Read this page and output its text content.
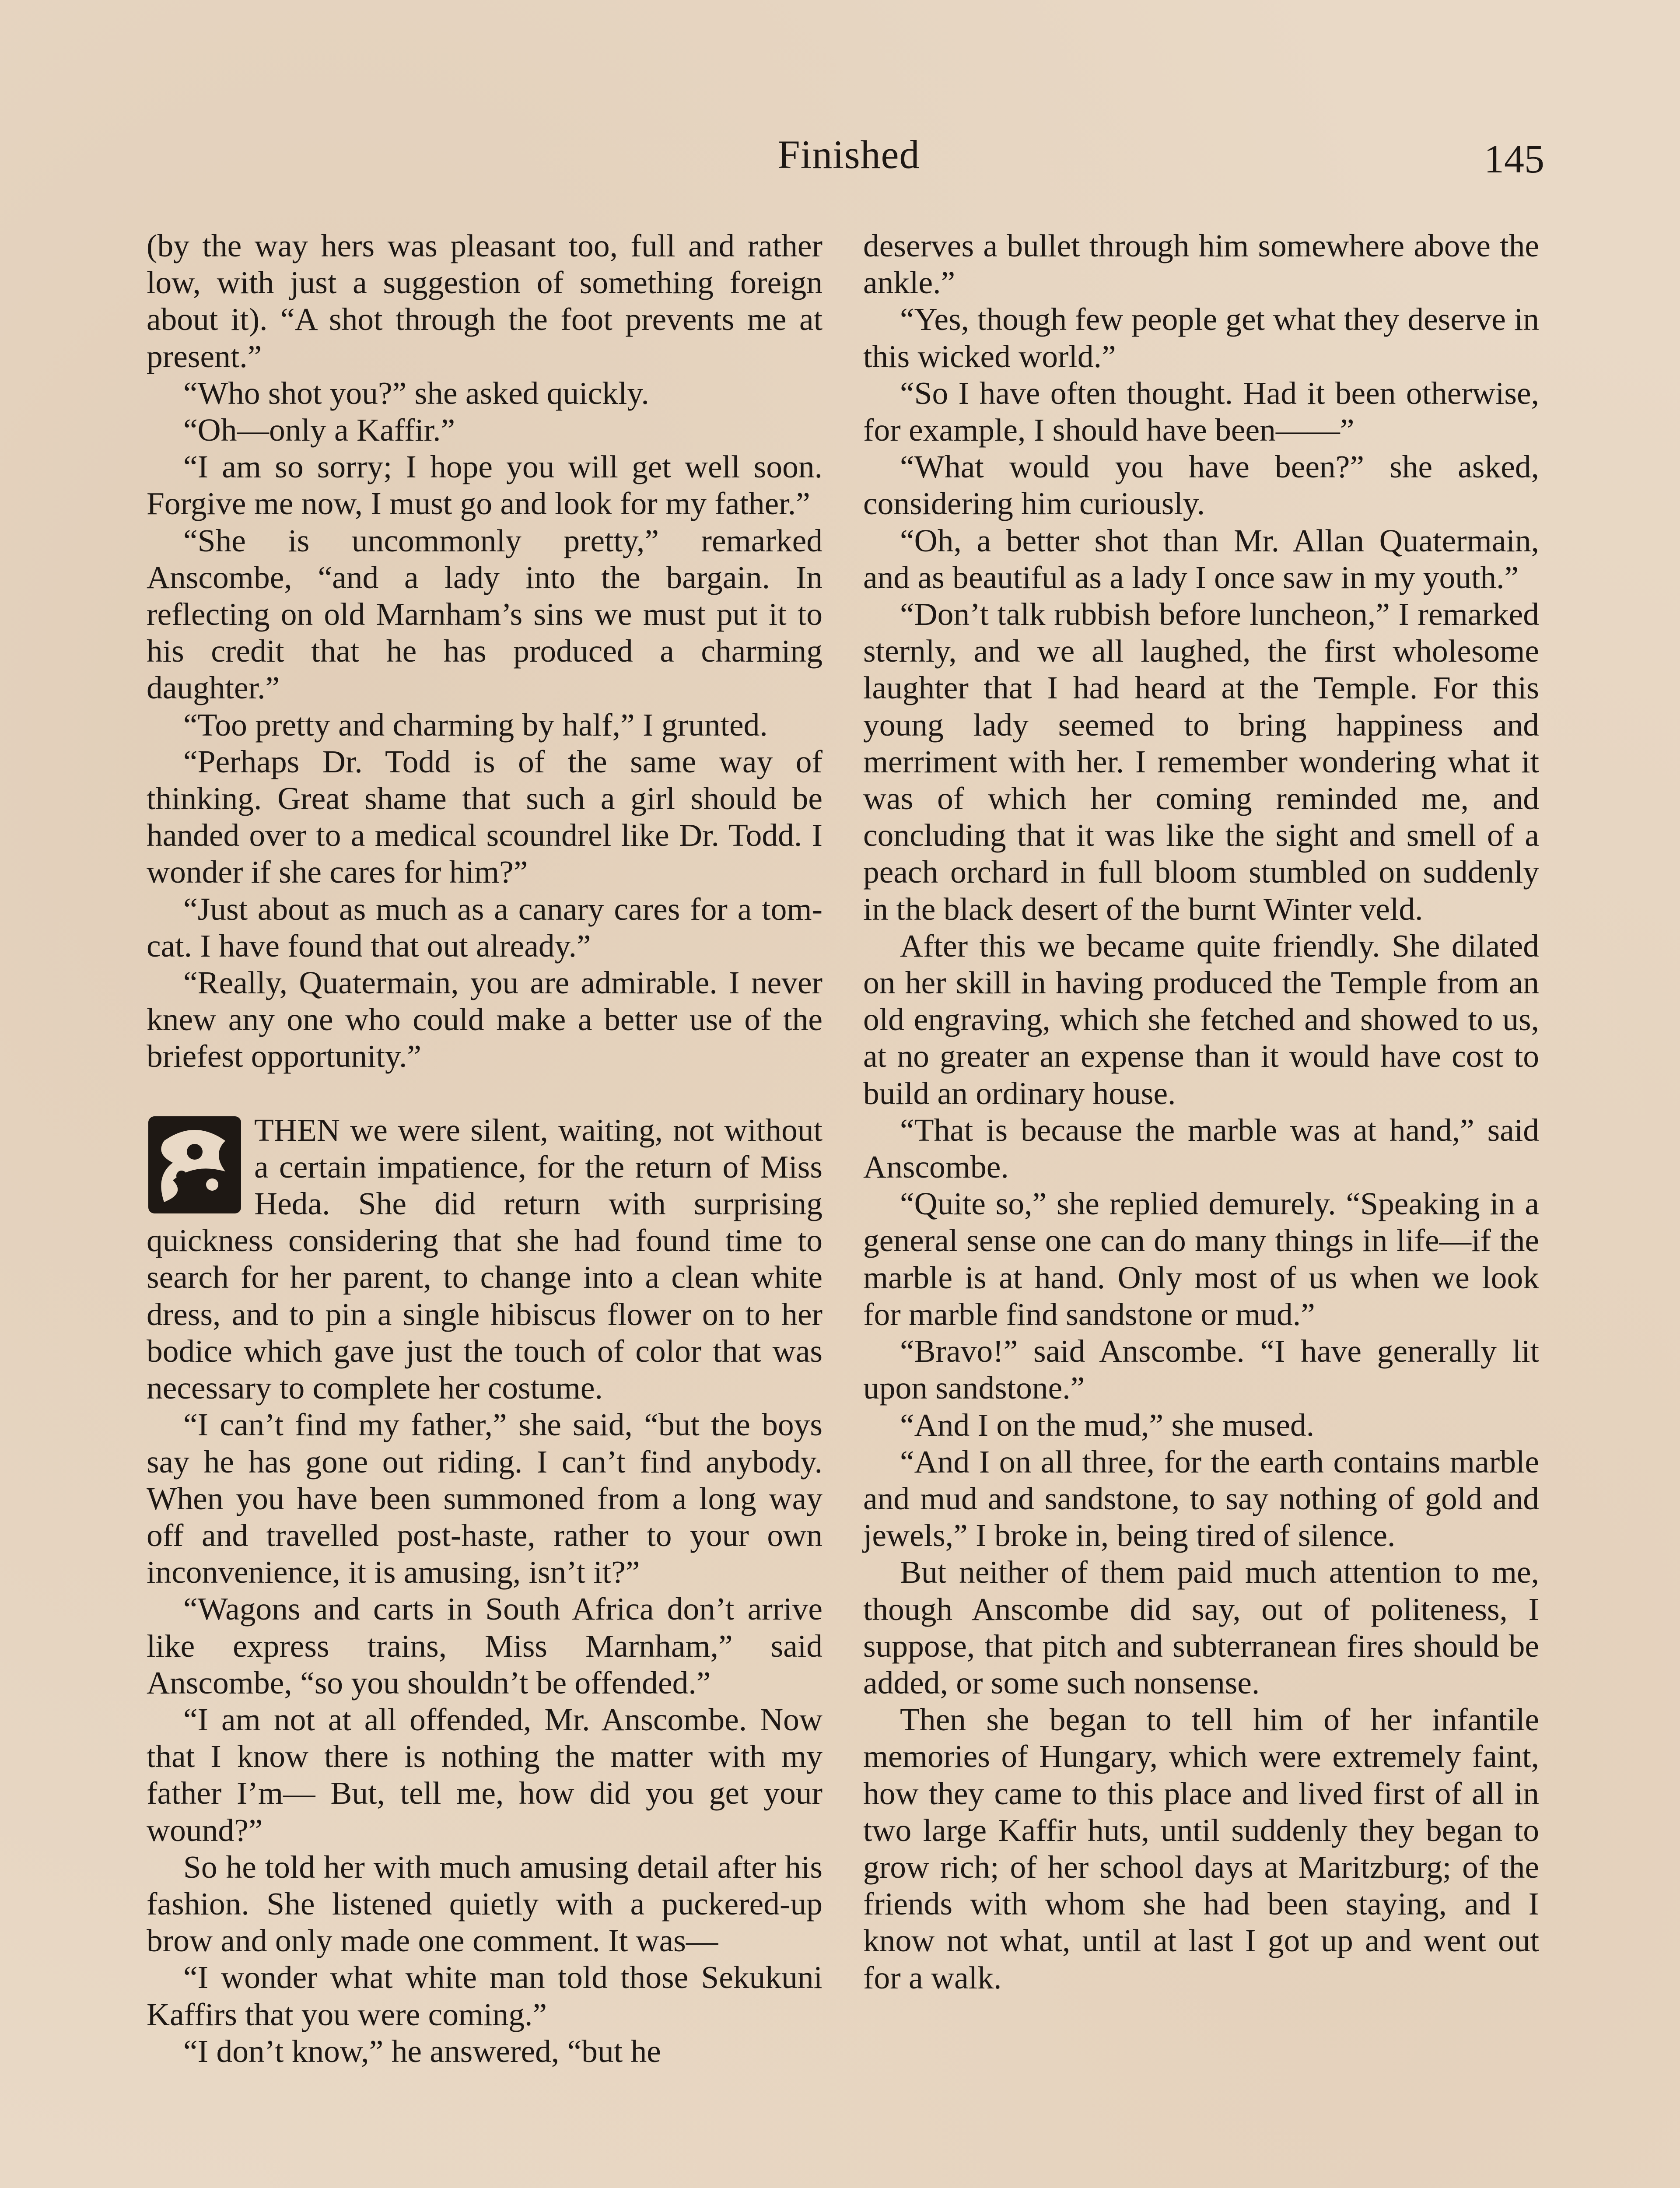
Finished	145

(by the way hers was pleasant too, full and rather low, with just a suggestion of something foreign about it). “A shot through the foot prevents me at present.”

“Who shot you?” she asked quickly.

“Oh—only a Kaffir.”

“I am so sorry; I hope you will get well soon. Forgive me now, I must go and look for my father.”

“She is uncommonly pretty,” remarked Anscombe, “and a lady into the bargain. In reflecting on old Marnham’s sins we must put it to his credit that he has produced a charming daughter.”

“Too pretty and charming by half,” I grunted.

“Perhaps Dr. Todd is of the same way of thinking. Great shame that such a girl should be handed over to a medical scoundrel like Dr. Todd. I wonder if she cares for him?”

“Just about as much as a canary cares for a tom-cat. I have found that out already.”

“Really, Quatermain, you are admirable. I never knew any one who could make a better use of the briefest opportunity.”

THEN we were silent, waiting, not without a certain impatience, for the return of Miss Heda. She did return with surprising quickness considering that she had found time to search for her parent, to change into a clean white dress, and to pin a single hibiscus flower on to her bodice which gave just the touch of color that was necessary to complete her costume.

“I can’t find my father,” she said, “but the boys say he has gone out riding. I can’t find anybody. When you have been summoned from a long way off and travelled post-haste, rather to your own inconvenience, it is amusing, isn’t it?”

“Wagons and carts in South Africa don’t arrive like express trains, Miss Marnham,” said Anscombe, “so you shouldn’t be offended.”

“I am not at all offended, Mr. Anscombe. Now that I know there is nothing the matter with my father I’m— But, tell me, how did you get your wound?”

So he told her with much amusing detail after his fashion. She listened quietly with a puckered-up brow and only made one comment. It was—

“I wonder what white man told those Sekukuni Kaffirs that you were coming.”

“I don’t know,” he answered, “but he

deserves a bullet through him somewhere above the ankle.”

“Yes, though few people get what they deserve in this wicked world.”

“So I have often thought. Had it been otherwise, for example, I should have been——”

“What would you have been?” she asked, considering him curiously.

“Oh, a better shot than Mr. Allan Quatermain, and as beautiful as a lady I once saw in my youth.”

“Don’t talk rubbish before luncheon,” I remarked sternly, and we all laughed, the first wholesome laughter that I had heard at the Temple. For this young lady seemed to bring happiness and merriment with her. I remember wondering what it was of which her coming reminded me, and concluding that it was like the sight and smell of a peach orchard in full bloom stumbled on suddenly in the black desert of the burnt Winter veld.

After this we became quite friendly. She dilated on her skill in having produced the Temple from an old engraving, which she fetched and showed to us, at no greater an expense than it would have cost to build an ordinary house.

“That is because the marble was at hand,” said Anscombe.

“Quite so,” she replied demurely. “Speaking in a general sense one can do many things in life—if the marble is at hand. Only most of us when we look for marble find sandstone or mud.”

“Bravo!” said Anscombe. “I have generally lit upon sandstone.”

“And I on the mud,” she mused.

“And I on all three, for the earth contains marble and mud and sandstone, to say nothing of gold and jewels,” I broke in, being tired of silence.

But neither of them paid much attention to me, though Anscombe did say, out of politeness, I suppose, that pitch and subterranean fires should be added, or some such nonsense.

Then she began to tell him of her infantile memories of Hungary, which were extremely faint, how they came to this place and lived first of all in two large Kaffir huts, until suddenly they began to grow rich; of her school days at Maritzburg; of the friends with whom she had been staying, and I know not what, until at last I got up and went out for a walk.
